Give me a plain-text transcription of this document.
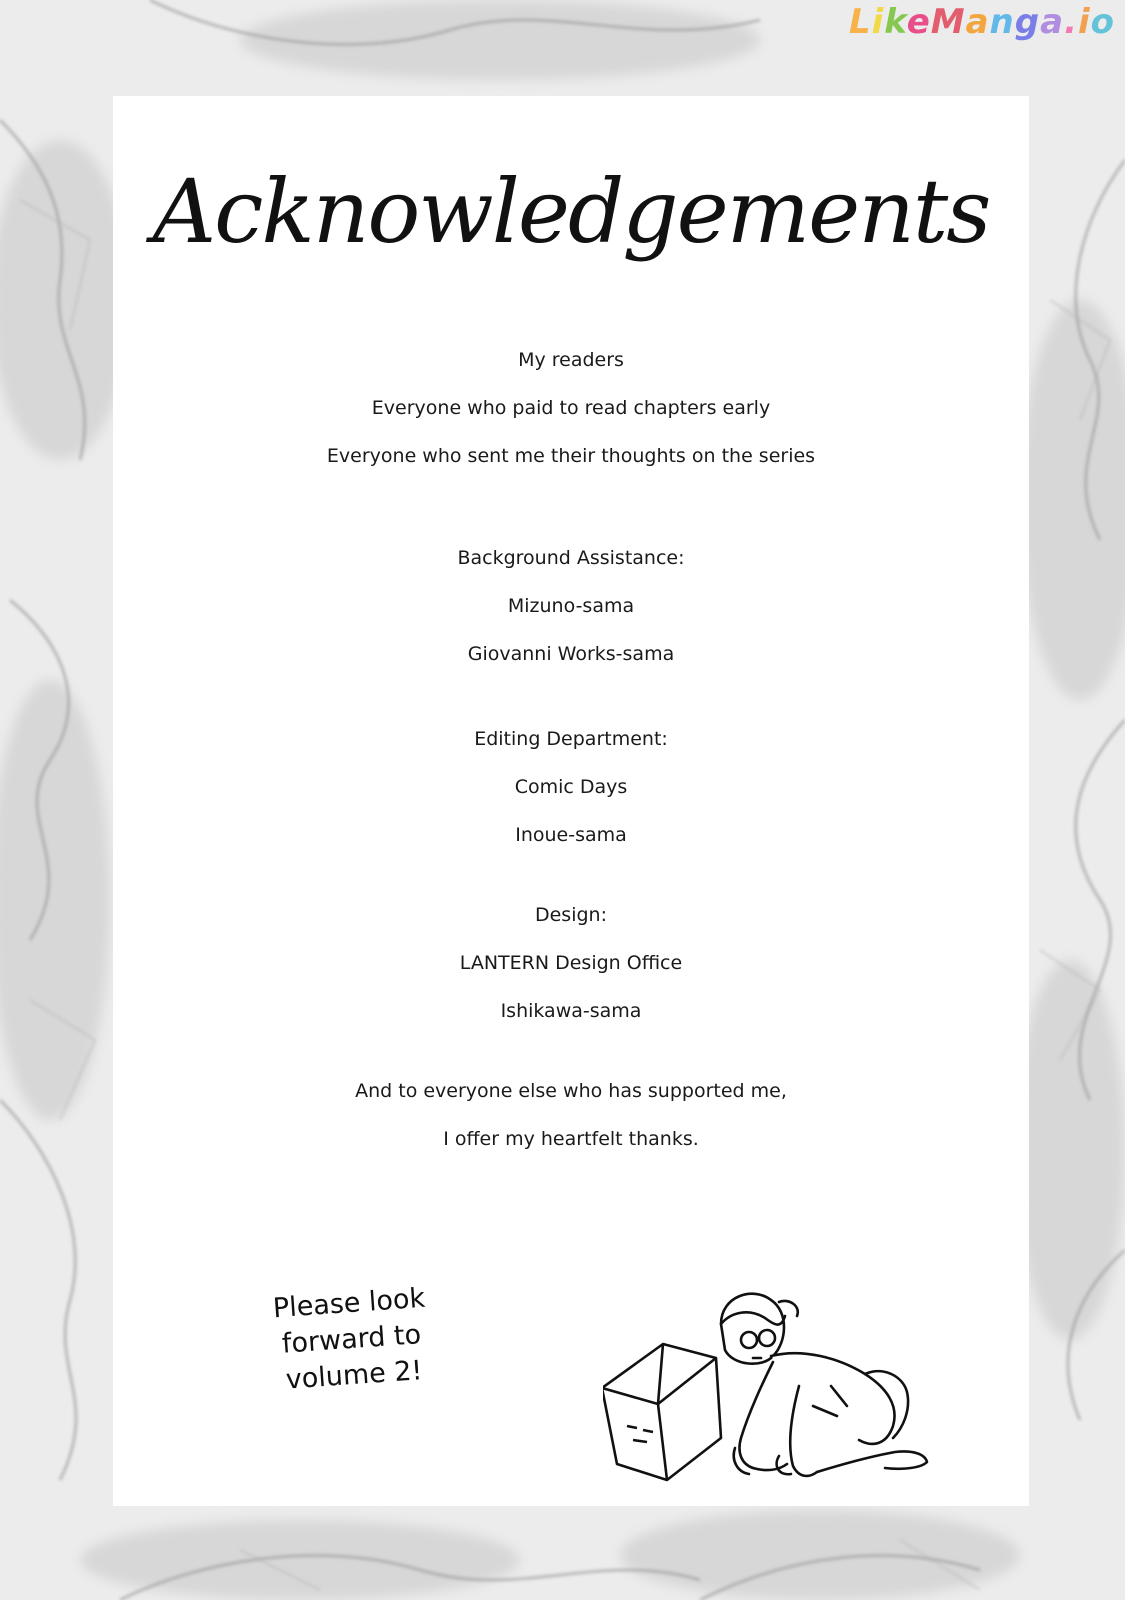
LikeManga.io
Acknowledgements
My readers
Everyone who paid to read chapters early
Everyone who sent me their thoughts on the series
Background Assistance:
Mizuno-sama
Giovanni Works-sama
Editing Department:
Comic Days
Inoue-sama
Design:
LANTERN Design Office
Ishikawa-sama
And to everyone else who has supported me,
I offer my heartfelt thanks.
Please look
forward to
volume 2!
